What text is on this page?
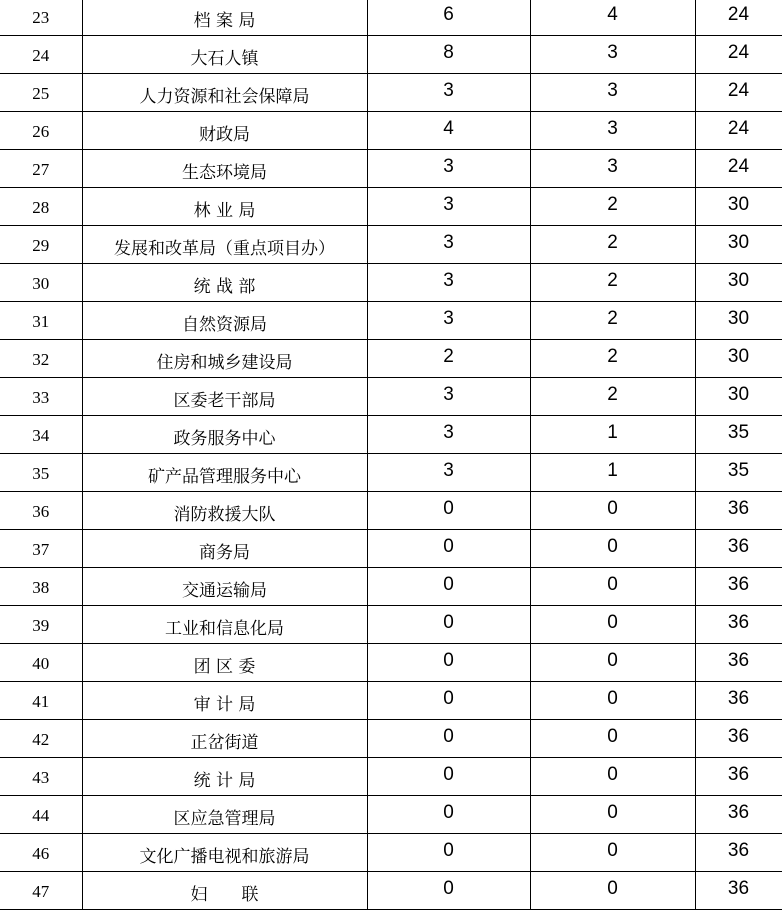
23	档 案 局	6	4	24
24	大石人镇	8	3	24
25	人力资源和社会保障局	3	3	24
26	财政局	4	3	24
27	生态环境局	3	3	24
28	林 业 局	3	2	30
29	发展和改革局（重点项目办）	3	2	30
30	统 战 部	3	2	30
31	自然资源局	3	2	30
32	住房和城乡建设局	2	2	30
33	区委老干部局	3	2	30
34	政务服务中心	3	1	35
35	矿产品管理服务中心	3	1	35
36	消防救援大队	0	0	36
37	商务局	0	0	36
38	交通运输局	0	0	36
39	工业和信息化局	0	0	36
40	团 区 委	0	0	36
41	审 计 局	0	0	36
42	正岔街道	0	0	36
43	统 计 局	0	0	36
44	区应急管理局	0	0	36
46	文化广播电视和旅游局	0	0	36
47	妇　　联	0	0	36
